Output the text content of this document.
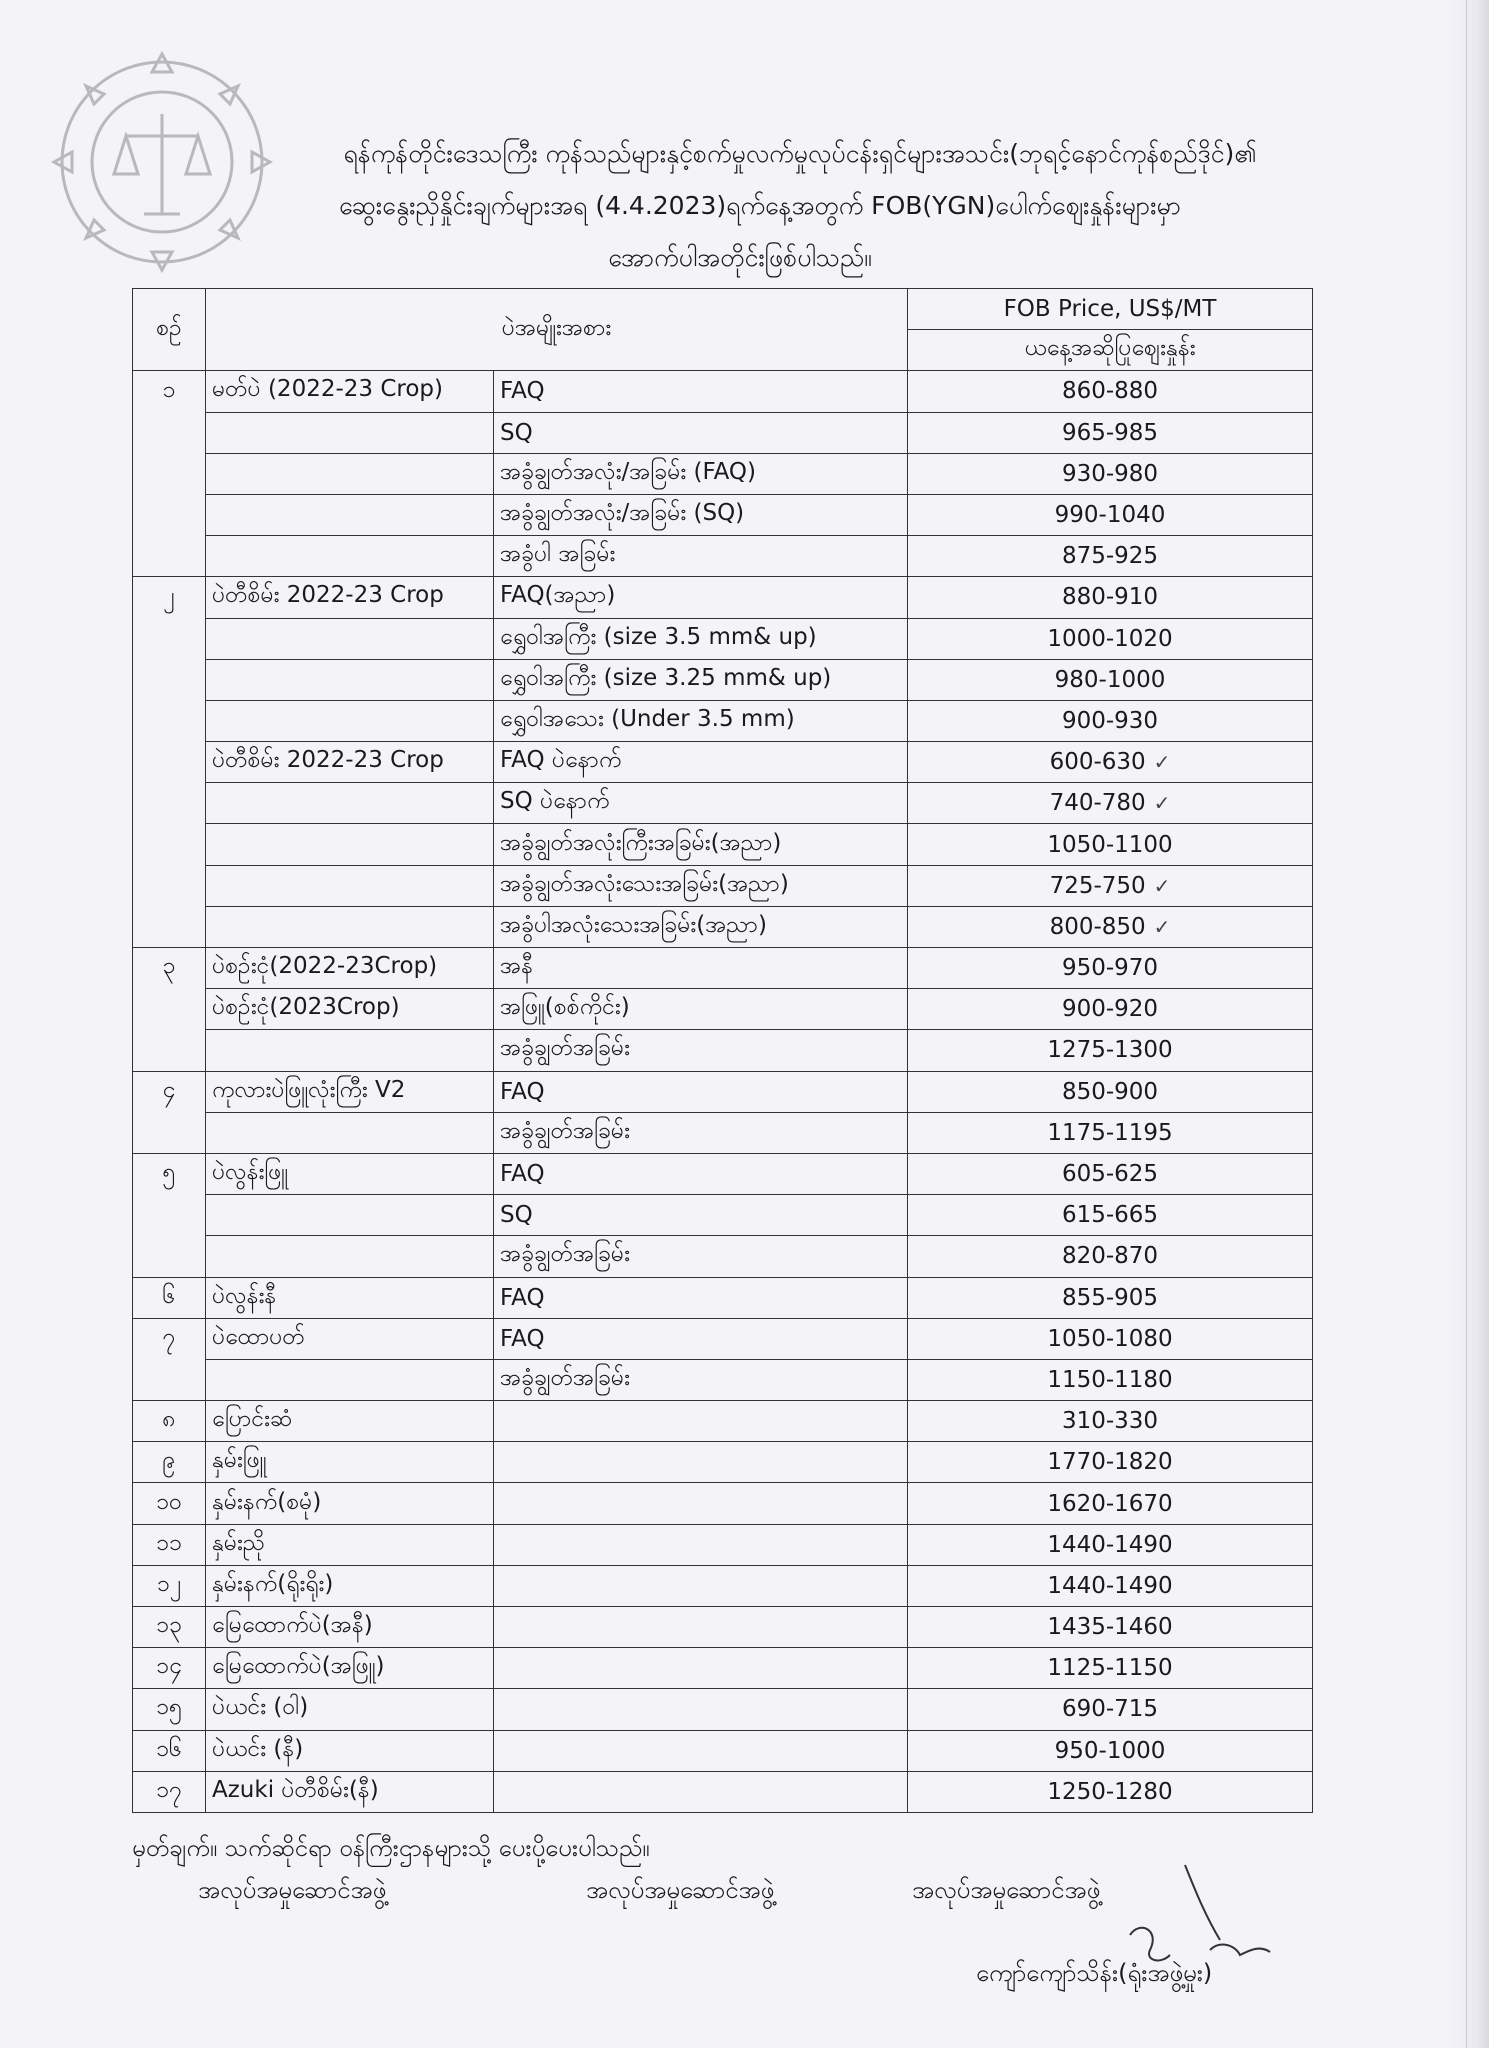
ရန်ကုန်တိုင်းဒေသကြီး ကုန်သည်များနှင့်စက်မှုလက်မှုလုပ်ငန်းရှင်များအသင်း(ဘုရင့်နောင်ကုန်စည်ဒိုင်)၏
ဆွေးနွေးညှိနှိုင်းချက်များအရ (4.4.2023)ရက်နေ့အတွက် FOB(YGN)ပေါက်ဈေးနှုန်းများမှာ
အောက်ပါအတိုင်းဖြစ်ပါသည်။
စဉ်	ပဲအမျိုးအစား		FOB Price, US$/MT
			ယနေ့အဆိုပြုဈေးနှုန်း
၁	မတ်ပဲ (2022-23 Crop)	FAQ	860-880
		SQ	965-985
		အခွံချွတ်အလုံး/အခြမ်း (FAQ)	930-980
		အခွံချွတ်အလုံး/အခြမ်း (SQ)	990-1040
		အခွံပါ အခြမ်း	875-925
၂	ပဲတီစိမ်း 2022-23 Crop	FAQ(အညာ)	880-910
		ရွှေဝါအကြီး (size 3.5 mm& up)	1000-1020
		ရွှေဝါအကြီး (size 3.25 mm& up)	980-1000
		ရွှေဝါအသေး (Under 3.5 mm)	900-930
	ပဲတီစိမ်း 2022-23 Crop	FAQ ပဲနောက်	600-630 ✓
		SQ ပဲနောက်	740-780 ✓
		အခွံချွတ်အလုံးကြီးအခြမ်း(အညာ)	1050-1100
		အခွံချွတ်အလုံးသေးအခြမ်း(အညာ)	725-750 ✓
		အခွံပါအလုံးသေးအခြမ်း(အညာ)	800-850 ✓
၃	ပဲစဉ်းငုံ(2022-23Crop)	အနီ	950-970
	ပဲစဉ်းငုံ(2023Crop)	အဖြူ(စစ်ကိုင်း)	900-920
		အခွံချွတ်အခြမ်း	1275-1300
၄	ကုလားပဲဖြူလုံးကြီး V2	FAQ	850-900
		အခွံချွတ်အခြမ်း	1175-1195
၅	ပဲလွန်းဖြူ	FAQ	605-625
		SQ	615-665
		အခွံချွတ်အခြမ်း	820-870
၆	ပဲလွန်းနီ	FAQ	855-905
၇	ပဲထောပတ်	FAQ	1050-1080
		အခွံချွတ်အခြမ်း	1150-1180
၈	ပြောင်းဆံ		310-330
၉	နှမ်းဖြူ		1770-1820
၁၀	နှမ်းနက်(စမုံ)		1620-1670
၁၁	နှမ်းညို		1440-1490
၁၂	နှမ်းနက်(ရိုးရိုး)		1440-1490
၁၃	မြေထောက်ပဲ(အနီ)		1435-1460
၁၄	မြေထောက်ပဲ(အဖြူ)		1125-1150
၁၅	ပဲယင်း (ဝါ)		690-715
၁၆	ပဲယင်း (နီ)		950-1000
၁၇	Azuki ပဲတီစိမ်း(နီ)		1250-1280
မှတ်ချက်။ သက်ဆိုင်ရာ ဝန်ကြီးဌာနများသို့ ပေးပို့ပေးပါသည်။
အလုပ်အမှုဆောင်အဖွဲ့	အလုပ်အမှုဆောင်အဖွဲ့	အလုပ်အမှုဆောင်အဖွဲ့
ကျော်ကျော်သိန်း(ရုံးအဖွဲ့မှုး)
